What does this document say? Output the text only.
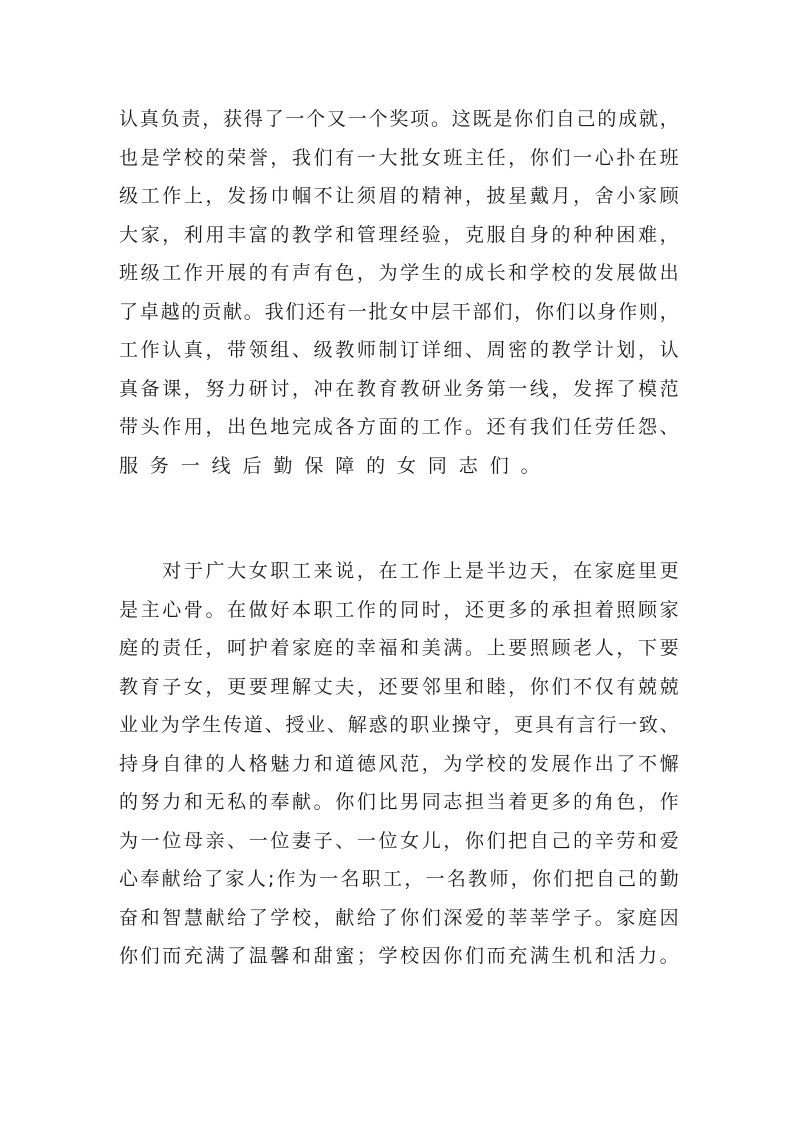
认 真 负 责 ， 获 得 了 一 个 又 一 个 奖 项 。 这 既 是 你 们 自 己 的 成 就 ，
也 是 学 校 的 荣 誉 ， 我 们 有 一 大 批 女 班 主 任 ， 你 们 一 心 扑 在 班
级 工 作 上 ， 发 扬 巾 帼 不 让 须 眉 的 精 神 ， 披 星 戴 月 ， 舍 小 家 顾
大 家 ， 利 用 丰 富 的 教 学 和 管 理 经 验 ， 克 服 自 身 的 种 种 困 难 ，
班 级 工 作 开 展 的 有 声 有 色 ， 为 学 生 的 成 长 和 学 校 的 发 展 做 出
了 卓 越 的 贡 献 。 我 们 还 有 一 批 女 中 层 干 部 们 ， 你 们 以 身 作 则 ，
工 作 认 真 ， 带 领 组 、 级 教 师 制 订 详 细 、 周 密 的 教 学 计 划 ， 认
真 备 课 ， 努 力 研 讨 ， 冲 在 教 育 教 研 业 务 第 一 线 ， 发 挥 了 模 范
带 头 作 用 ， 出 色 地 完 成 各 方 面 的 工 作 。 还 有 我 们 任 劳 任 怨 、
服 务 一 线 后 勤 保 障 的 女 同 志 们 。

对 于 广 大 女 职 工 来 说 ， 在 工 作 上 是 半 边 天 ， 在 家 庭 里 更
是 主 心 骨 。 在 做 好 本 职 工 作 的 同 时 ， 还 更 多 的 承 担 着 照 顾 家
庭 的 责 任 ， 呵 护 着 家 庭 的 幸 福 和 美 满 。 上 要 照 顾 老 人 ， 下 要
教 育 子 女 ， 更 要 理 解 丈 夫 ， 还 要 邻 里 和 睦 ， 你 们 不 仅 有 兢 兢
业 业 为 学 生 传 道 、 授 业 、 解 惑 的 职 业 操 守 ， 更 具 有 言 行 一 致 、
持 身 自 律 的 人 格 魅 力 和 道 德 风 范 ， 为 学 校 的 发 展 作 出 了 不 懈
的 努 力 和 无 私 的 奉 献 。 你 们 比 男 同 志 担 当 着 更 多 的 角 色 ， 作
为 一 位 母 亲 、 一 位 妻 子 、 一 位 女 儿 ， 你 们 把 自 己 的 辛 劳 和 爱
心 奉 献 给 了 家 人 ; 作 为 一 名 职 工 ， 一 名 教 师 ， 你 们 把 自 己 的 勤
奋 和 智 慧 献 给 了 学 校 ， 献 给 了 你 们 深 爱 的 莘 莘 学 子 。 家 庭 因
你 们 而 充 满 了 温 馨 和 甜 蜜 ； 学 校 因 你 们 而 充 满 生 机 和 活 力 。
